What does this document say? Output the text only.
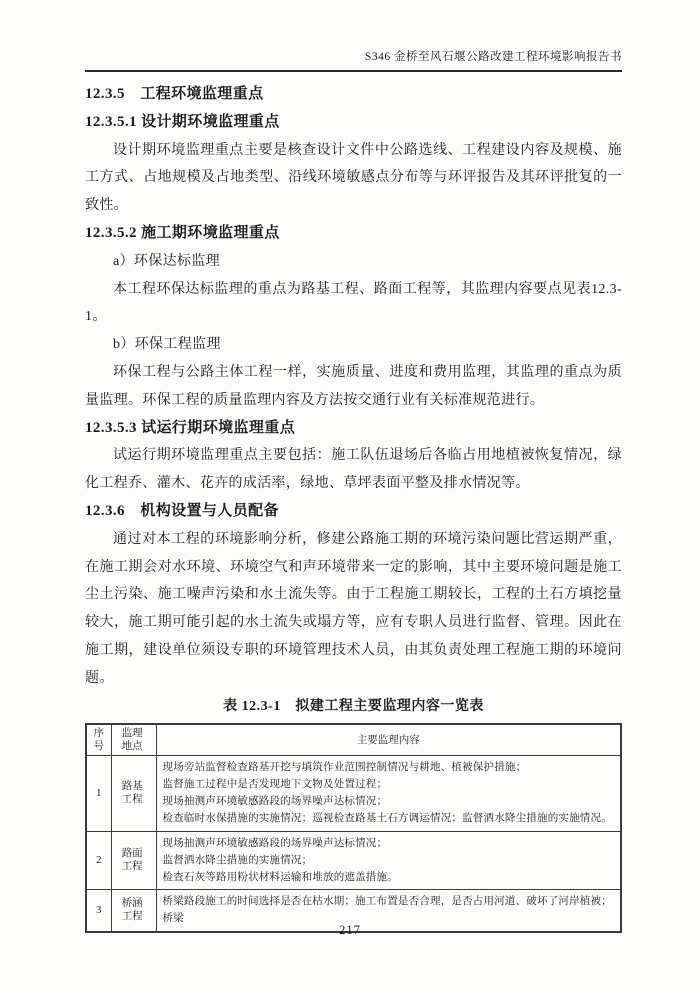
S346 金桥至风石堰公路改建工程环境影响报告书
12.3.5　工程环境监理重点
12.3.5.1 设计期环境监理重点

设计期环境监理重点主要是核查设计文件中公路选线、工程建设内容及规模、施工方式、占地规模及占地类型、沿线环境敏感点分布等与环评报告及其环评批复的一致性。

12.3.5.2 施工期环境监理重点
a）环保达标监理

本工程环保达标监理的重点为路基工程、路面工程等，其监理内容要点见表12.3-1。

b）环保工程监理

环保工程与公路主体工程一样，实施质量、进度和费用监理，其监理的重点为质量监理。环保工程的质量监理内容及方法按交通行业有关标准规范进行。

12.3.5.3 试运行期环境监理重点

试运行期环境监理重点主要包括：施工队伍退场后各临占用地植被恢复情况，绿化工程乔、灌木、花卉的成活率，绿地、草坪表面平整及排水情况等。

12.3.6　机构设置与人员配备

通过对本工程的环境影响分析，修建公路施工期的环境污染问题比营运期严重，在施工期会对水环境、环境空气和声环境带来一定的影响，其中主要环境问题是施工尘土污染、施工噪声污染和水土流失等。由于工程施工期较长，工程的土石方填挖量较大，施工期可能引起的水土流失或塌方等，应有专职人员进行监督、管理。因此在施工期，建设单位须设专职的环境管理技术人员，由其负责处理工程施工期的环境问题。

表 12.3-1　拟建工程主要监理内容一览表
序号	监理地点	主要监理内容
1	路基工程	现场旁站监督检查路基开挖与填筑作业范围控制情况与耕地、植被保护措施；
监督施工过程中是否发现地下文物及处置过程；
现场抽测声环境敏感路段的场界噪声达标情况；
检查临时水保措施的实施情况；巡视检查路基土石方调运情况；监督洒水降尘措施的实施情况。

2	路面工程	现场抽测声环境敏感路段的场界噪声达标情况；
监督洒水降尘措施的实施情况；
检查石灰等路用粉状材料运输和堆放的遮盖措施。

3	桥涵工程	桥梁路段施工的时间选择是否在枯水期；施工布置是否合理，是否占用河道、破坏了河岸植被；桥梁
217
